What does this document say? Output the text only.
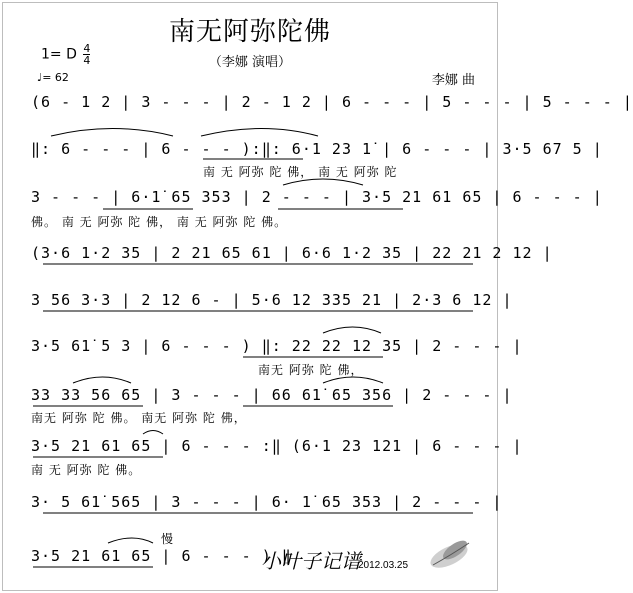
南无阿弥陀佛
（李娜 演唱）
1= D $\frac{4}{4}$
♩= 62	李娜 曲
(6 - 1 2 | 3 - - - | 2 - 1 2 | 6 - - - | 5 - - - | 5 - - - |
‖: 6 - - - | 6 - - - ):‖: 6·1 23 1̇ | 6 - - - | 3·5 67 5 |
南 无 阿弥 陀 佛， 南 无 阿弥 陀
3 - - - | 6·1̇ 65 353 | 2 - - - | 3·5 21 61 65 | 6 - - - |
佛。 南 无 阿弥 陀 佛， 南 无 阿弥 陀 佛。
(3·6 1·2 35 | 2 21 65 61 | 6·6 1·2 35 | 22 21 2 12 |
3 56 3·3 | 2 12 6 - | 5·6 12 335 21 | 2·3 6 12 |
3·5 61̇ 5 3 | 6 - - - ) ‖: 22 22 12 35 | 2 - - - |
南无 阿弥 陀 佛，
33 33 56 65 | 3 - - - | 66 61̇ 65 356 | 2 - - - |
南无 阿弥 陀 佛。 南无 阿弥 陀 佛，
3·5 21 61 65 | 6 - - - :‖ (6·1 23 121 | 6 - - - |
南 无 阿弥 陀 佛。
3· 5 61̇ 565 | 3 - - - | 6· 1̇ 65 353 | 2 - - - |
慢
3·5 21 61 65 | 6 - - - ) ‖
小叶子记谱
2012.03.25
